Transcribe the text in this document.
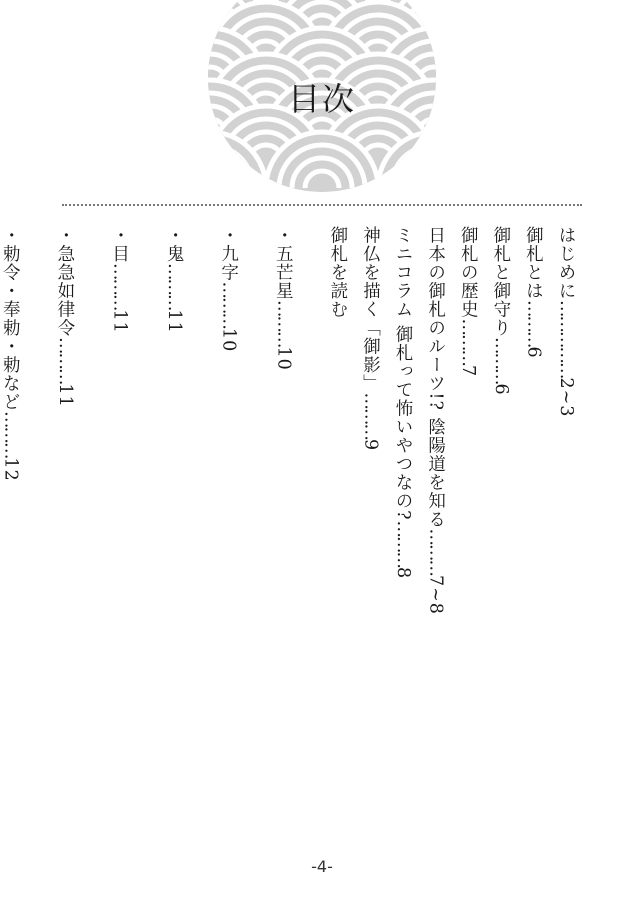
目次
はじめに……………2~3
御札とは………6
御札と御守り………6
御札の歴史………7
日本の御札のルーツ!? 陰陽道を知る………7~8
ミニコラム 御札って怖いやつなの?………8
神仏を描く「御影」………9
御札を読む
・五芒星………10
・九字………10
・鬼………11
・目………11
・急急如律令………11
・勅令・奉勅・勅など………12
-4-
